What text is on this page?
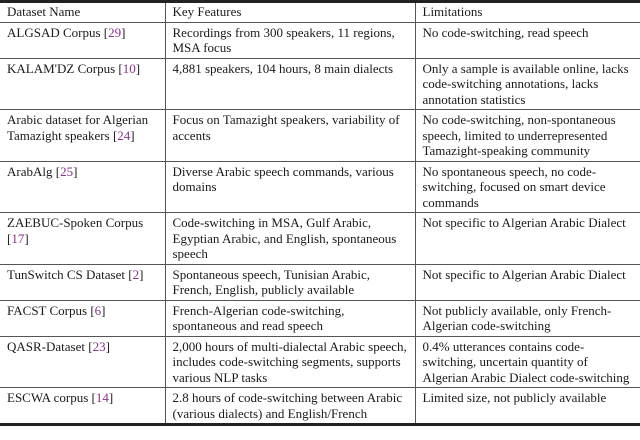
Dataset Name	Key Features	Limitations
ALGSAD Corpus [29]	Recordings from 300 speakers, 11 regions, MSA focus	No code-switching, read speech
KALAM'DZ Corpus [10]	4,881 speakers, 104 hours, 8 main dialects	Only a sample is available online, lacks code-switching annotations, lacks annotation statistics
Arabic dataset for Algerian Tamazight speakers [24]	Focus on Tamazight speakers, variability of accents	No code-switching, non-spontaneous speech, limited to underrepresented Tamazight-speaking community
ArabAlg [25]	Diverse Arabic speech commands, various domains	No spontaneous speech, no code-switching, focused on smart device commands
ZAEBUC-Spoken Corpus [17]	Code-switching in MSA, Gulf Arabic, Egyptian Arabic, and English, spontaneous speech	Not specific to Algerian Arabic Dialect
TunSwitch CS Dataset [2]	Spontaneous speech, Tunisian Arabic, French, English, publicly available	Not specific to Algerian Arabic Dialect
FACST Corpus [6]	French-Algerian code-switching, spontaneous and read speech	Not publicly available, only French-Algerian code-switching
QASR-Dataset [23]	2,000 hours of multi-dialectal Arabic speech, includes code-switching segments, supports various NLP tasks	0.4% utterances contains code-switching, uncertain quantity of Algerian Arabic Dialect code-switching
ESCWA corpus [14]	2.8 hours of code-switching between Arabic (various dialects) and English/French	Limited size, not publicly available
